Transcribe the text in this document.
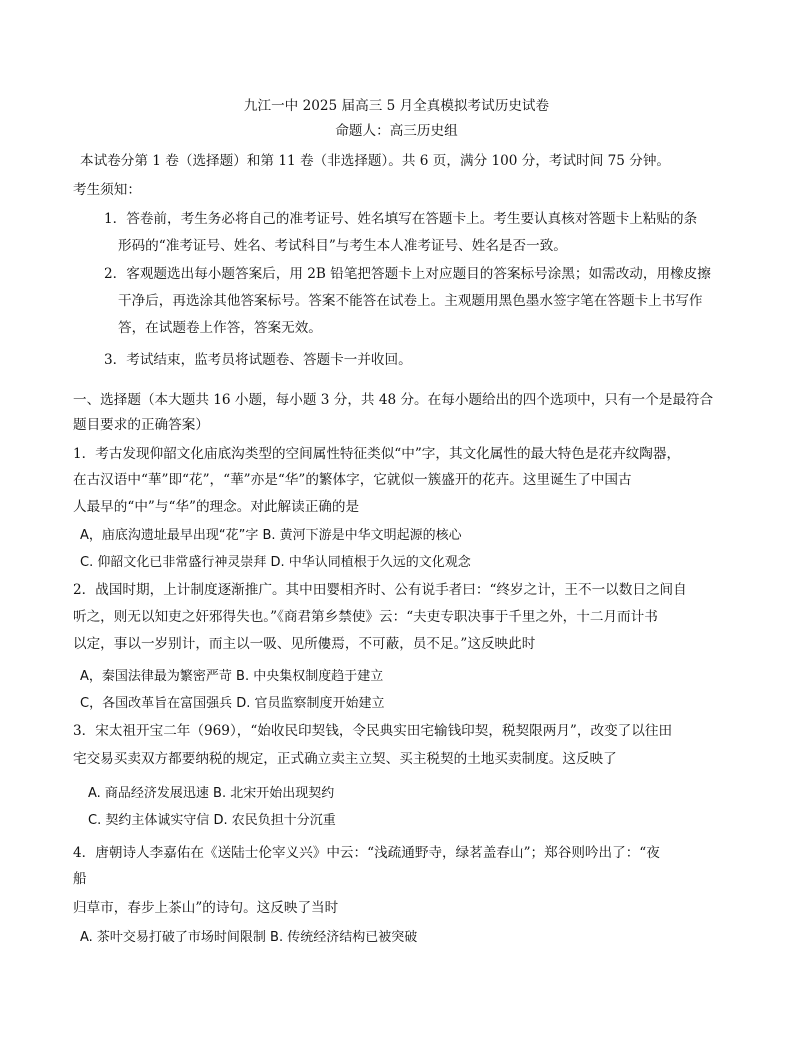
九江一中 2025 届高三 5 月全真模拟考试历史试卷
命题人：高三历史组
本试卷分第 1 卷（选择题）和第 11 卷（非选择题）。共 6 页，满分 100 分，考试时间 75 分钟。
考生须知：
1．答卷前，考生务必将自己的准考证号、姓名填写在答题卡上。考生要认真核对答题卡上粘贴的条
形码的“准考证号、姓名、考试科目”与考生本人准考证号、姓名是否一致。
2．客观题选出每小题答案后，用 2B 铅笔把答题卡上对应题目的答案标号涂黑；如需改动，用橡皮擦
干净后，再选涂其他答案标号。答案不能答在试卷上。主观题用黑色墨水签字笔在答题卡上书写作
答，在试题卷上作答，答案无效。
3．考试结束，监考员将试题卷、答题卡一并收回。
一、选择题（本大题共 16 小题，每小题 3 分，共 48 分。在每小题给出的四个选项中，只有一个是最符合
题目要求的正确答案）
1．考古发现仰韶文化庙底沟类型的空间属性特征类似“中”字，其文化属性的最大特色是花卉纹陶器，
在古汉语中“華”即“花”，“華”亦是“华”的繁体字，它就似一簇盛开的花卉。这里诞生了中国古
人最早的“中”与“华”的理念。对此解读正确的是
A，庙底沟遗址最早出现“花”字 B. 黄河下游是中华文明起源的核心
C. 仰韶文化已非常盛行神灵崇拜 D. 中华认同植根于久远的文化观念
2．战国时期，上计制度逐渐推广。其中田婴相齐时、公有说手者曰：“终岁之计，王不一以数日之间自
听之，则无以知吏之奸邪得失也。”《商君第乡禁使》云：“夫吏专职决事于千里之外，十二月而计书
以定，事以一岁别计，而主以一吸、见所僂焉，不可蔽，员不足。”这反映此时
A，秦国法律最为繁密严苛 B. 中央集权制度趋于建立
C，各国改革旨在富国强兵 D. 官员监察制度开始建立
3．宋太祖开宝二年（969），“始收民印契钱，令民典实田宅输钱印契，税契限两月”，改变了以往田
宅交易买卖双方都要纳税的规定，正式确立卖主立契、买主税契的土地买卖制度。这反映了
A. 商品经济发展迅速 B. 北宋开始出现契约
C. 契约主体诚实守信 D. 农民负担十分沉重
4．唐朝诗人李嘉佑在《送陆士伦宰义兴》中云：“浅疏通野寺，绿茗盖春山”；郑谷则吟出了：“夜
船
归草市，春步上茶山”的诗句。这反映了当时
A. 茶叶交易打破了市场时间限制 B. 传统经济结构已被突破
